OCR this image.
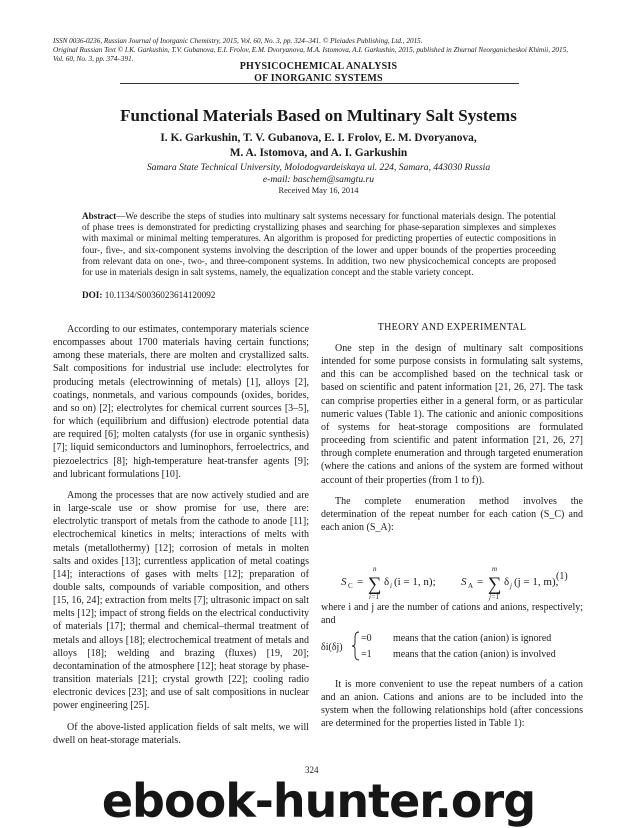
ISSN 0036-0236, Russian Journal of Inorganic Chemistry, 2015, Vol. 60, No. 3, pp. 324–341. © Pleiades Publishing, Ltd., 2015.
Original Russian Text © I.K. Garkushin, T.V. Gubanova, E.I. Frolov, E.M. Dvoryanova, M.A. Istomova, A.I. Garkushin, 2015, published in Zhurnal Neorganicheskoi Khimii, 2015,
Vol. 60, No. 3, pp. 374–391.
PHYSICOCHEMICAL ANALYSIS
OF INORGANIC SYSTEMS
Functional Materials Based on Multinary Salt Systems
I. K. Garkushin, T. V. Gubanova, E. I. Frolov, E. M. Dvoryanova,
M. A. Istomova, and A. I. Garkushin
Samara State Technical University, Molodogvardeiskaya ul. 224, Samara, 443030 Russia
e-mail: baschem@samgtu.ru
Received May 16, 2014
Abstract—We describe the steps of studies into multinary salt systems necessary for functional materials design. The potential of phase trees is demonstrated for predicting crystallizing phases and searching for phase-separation simplexes and simplexes with maximal or minimal melting temperatures. An algorithm is proposed for predicting properties of eutectic compositions in four-, five-, and six-component systems involving the description of the lower and upper bounds of the properties proceeding from relevant data on one-, two-, and three-component systems. In addition, two new physicochemical concepts are proposed for use in materials design in salt systems, namely, the equalization concept and the stable variety concept.
DOI: 10.1134/S0036023614120092

According to our estimates, contemporary materials science encompasses about 1700 materials having certain functions; among these materials, there are molten and crystallized salts. Salt compositions for industrial use include: electrolytes for producing metals (electrowinning of metals) [1], alloys [2], coatings, nonmetals, and various compounds (oxides, borides, and so on) [2]; electrolytes for chemical current sources [3–5], for which (equilibrium and diffusion) electrode potential data are required [6]; molten catalysts (for use in organic synthesis) [7]; liquid semiconductors and luminophors, ferroelectrics, and piezoelectrics [8]; high-temperature heat-transfer agents [9]; and lubricant formulations [10].

Among the processes that are now actively studied and are in large-scale use or show promise for use, there are: electrolytic transport of metals from the cathode to anode [11]; electrochemical kinetics in melts; interactions of melts with metals (metallothermy) [12]; corrosion of metals in molten salts and oxides [13]; currentless application of metal coatings [14]; interactions of gases with melts [12]; preparation of double salts, compounds of variable composition, and others [15, 16, 24]; extraction from melts [7]; ultrasonic impact on salt melts [12]; impact of strong fields on the electrical conductivity of materials [17]; thermal and chemical–thermal treatment of metals and alloys [18]; electrochemical treatment of metals and alloys [18]; welding and brazing (fluxes) [19, 20]; decontamination of the atmosphere [12]; heat storage by phase-transition materials [21]; crystal growth [22]; cooling radio electronic devices [23]; and use of salt compositions in nuclear power engineering [25].

Of the above-listed application fields of salt melts, we will dwell on heat-storage materials.

THEORY AND EXPERIMENTAL

One step in the design of multinary salt compositions intended for some purpose consists in formulating salt systems, and this can be accomplished based on the technical task or based on scientific and patent information [21, 26, 27]. The task can comprise properties either in a general form, or as particular numeric values (Table 1). The cationic and anionic compositions of systems for heat-storage compositions are formulated proceeding from scientific and patent information [21, 26, 27] through complete enumeration and through targeted enumeration (where the cations and anions of the system are formed without account of their properties (from 1 to f)).

The complete enumeration method involves the determination of the repeat number for each cation (S_C) and each anion (S_A):

S C = ∑
n
i=1
δ i (i = 1, n); S A = ∑
m
j=1
δ j (j = 1, m),
(1)
where i and j are the number of cations and anions, respectively; and
δi(δj)
=0
=1
means that the cation (anion) is ignored
means that the cation (anion) is involved
It is more convenient to use the repeat numbers of a cation and an anion. Cations and anions are to be included into the system when the following relationships hold (after concessions are determined for the properties listed in Table 1):
324
ebook-hunter.org
